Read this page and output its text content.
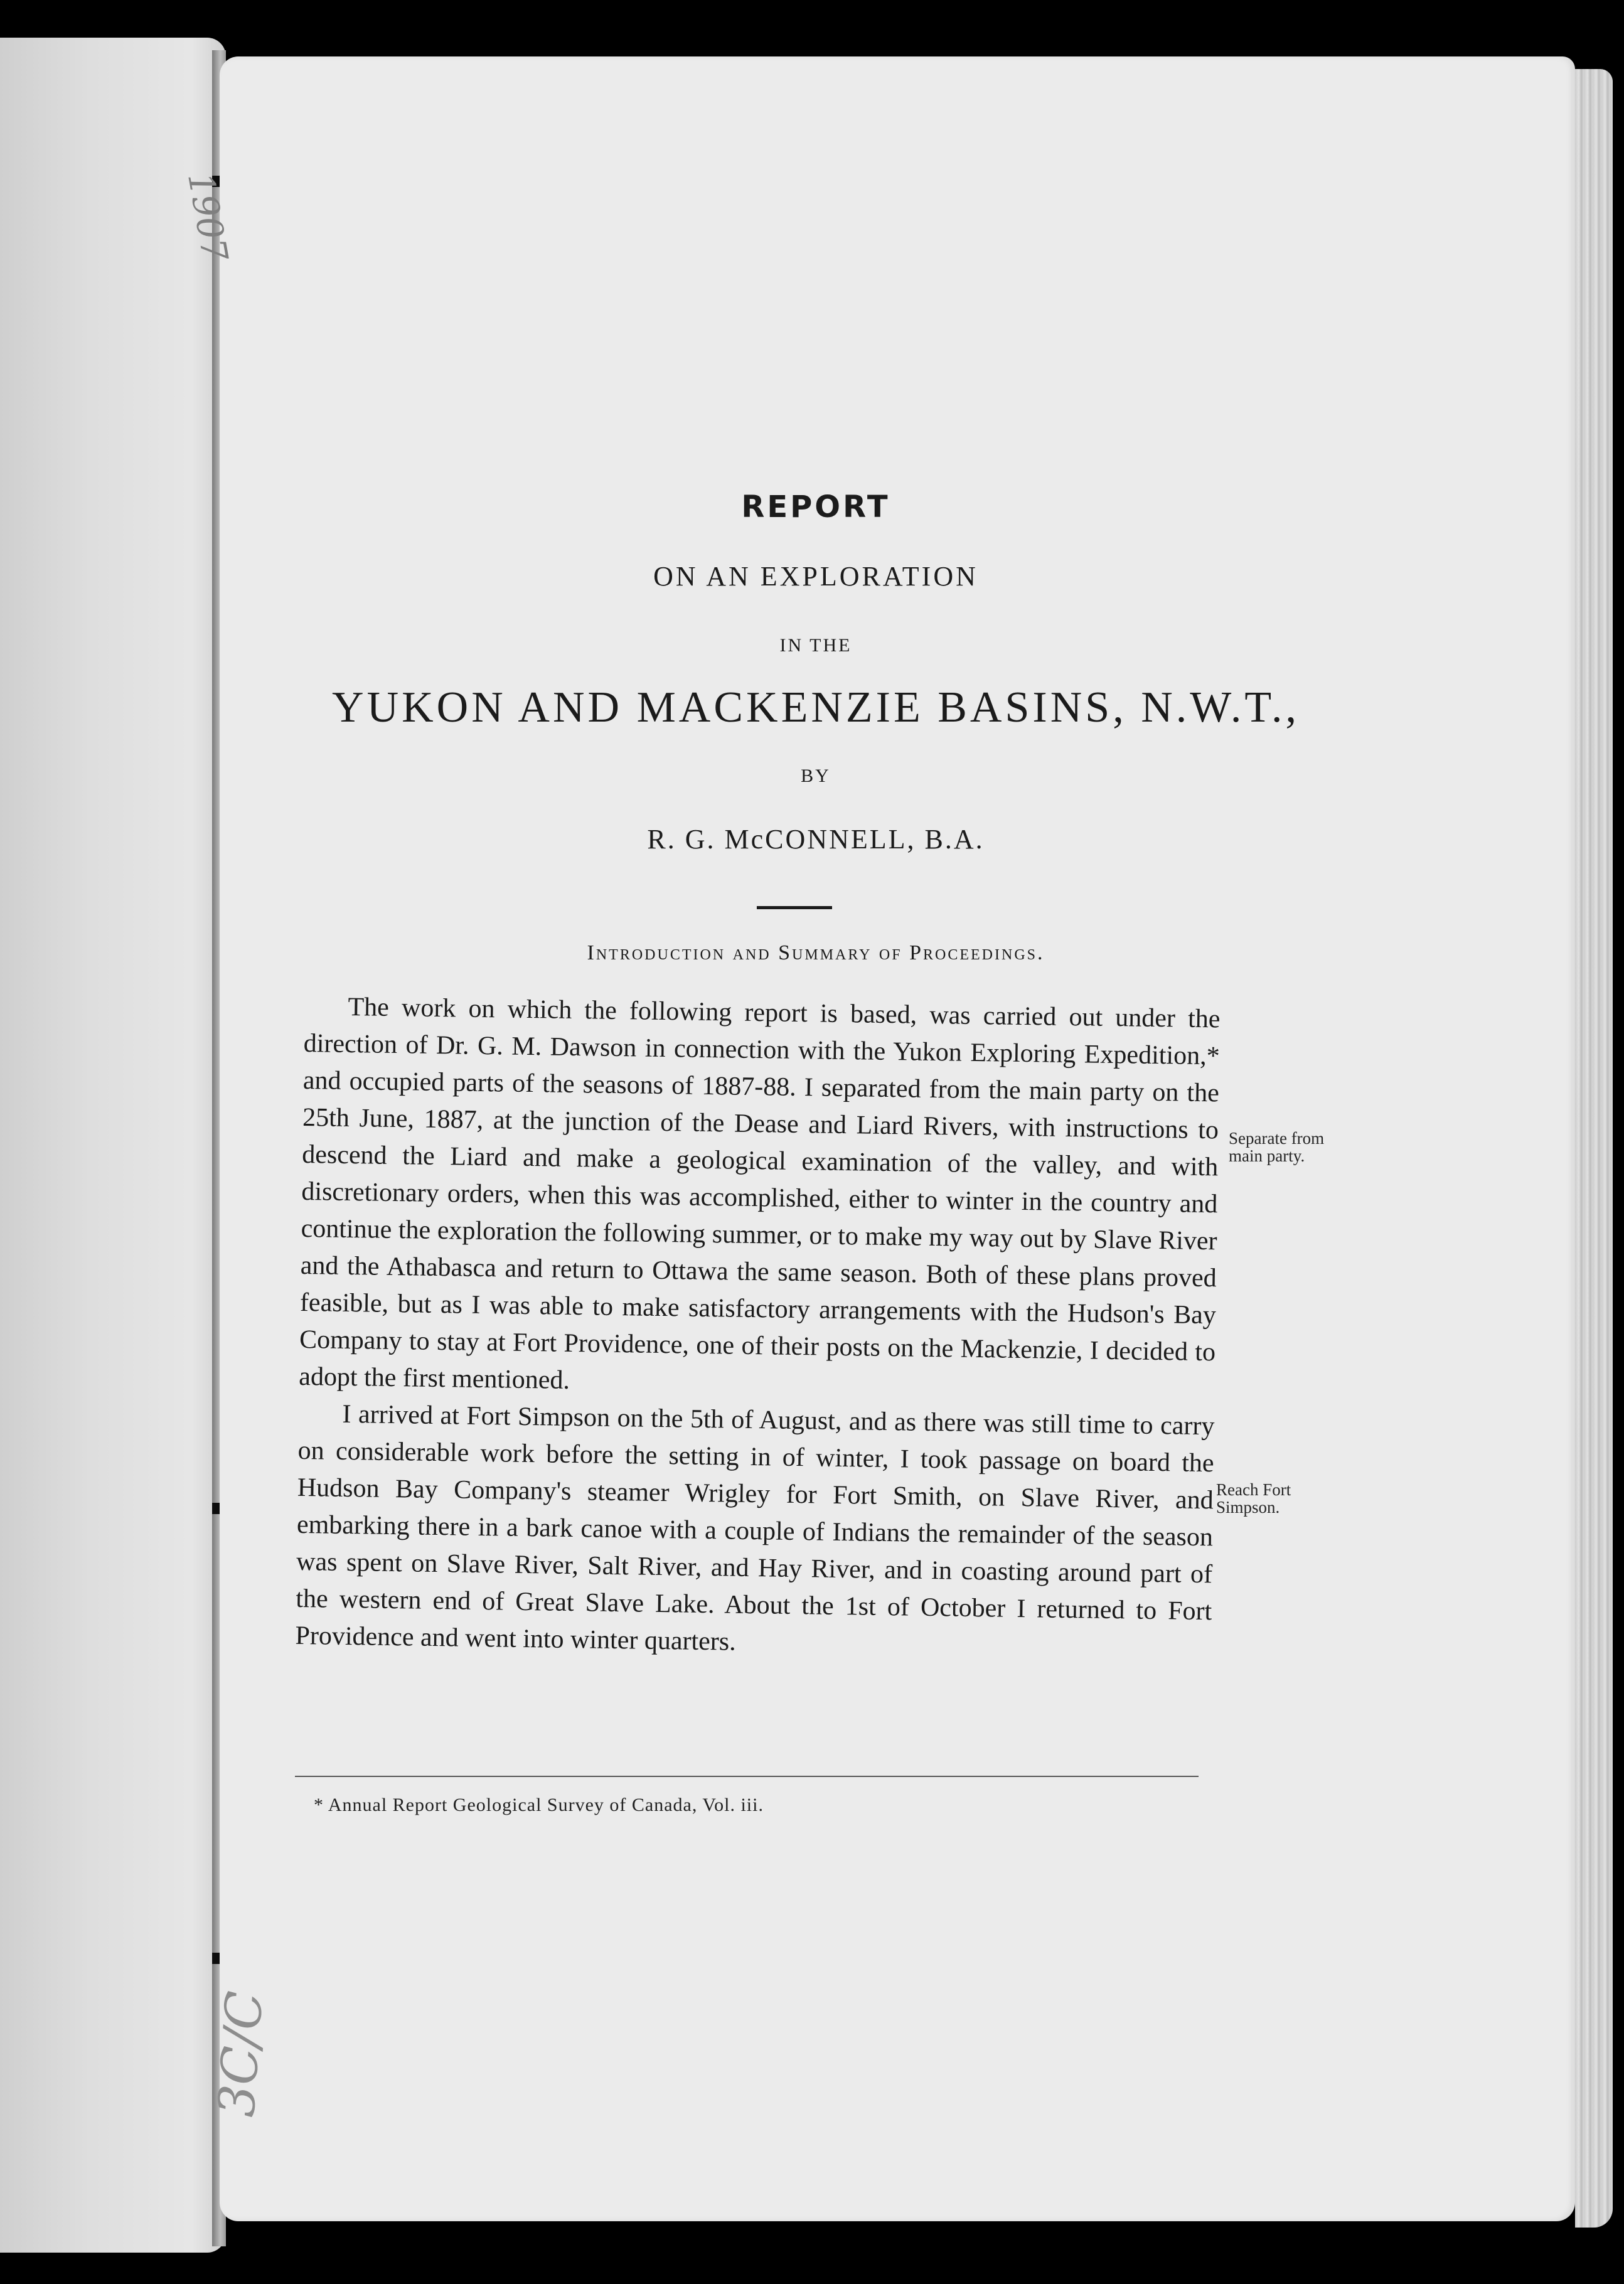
1907
3C/C
REPORT
ON AN EXPLORATION
IN THE
YUKON AND MACKENZIE BASINS, N.W.T.,
BY
R. G. McCONNELL, B.A.
Introduction and Summary of Proceedings.

The work on which the following report is based, was carried out under the direction of Dr. G. M. Dawson in connection with the Yukon Exploring Expedition,* and occupied parts of the seasons of 1887-88. I separated from the main party on the 25th June, 1887, at the junction of the Dease and Liard Rivers, with instructions to descend the Liard and make a geological examination of the valley, and with discretionary orders, when this was accomplished, either to winter in the country and continue the exploration the following summer, or to make my way out by Slave River and the Athabasca and return to Ottawa the same season. Both of these plans proved feasible, but as I was able to make satisfactory arrangements with the Hudson's Bay Company to stay at Fort Providence, one of their posts on the Mackenzie, I decided to adopt the first mentioned.

I arrived at Fort Simpson on the 5th of August, and as there was still time to carry on considerable work before the setting in of winter, I took passage on board the Hudson Bay Company's steamer Wrigley for Fort Smith, on Slave River, and embarking there in a bark canoe with a couple of Indians the remainder of the season was spent on Slave River, Salt River, and Hay River, and in coasting around part of the western end of Great Slave Lake. About the 1st of October I returned to Fort Providence and went into winter quarters.

Separate from
main party.
Reach Fort
Simpson.
* Annual Report Geological Survey of Canada, Vol. iii.
